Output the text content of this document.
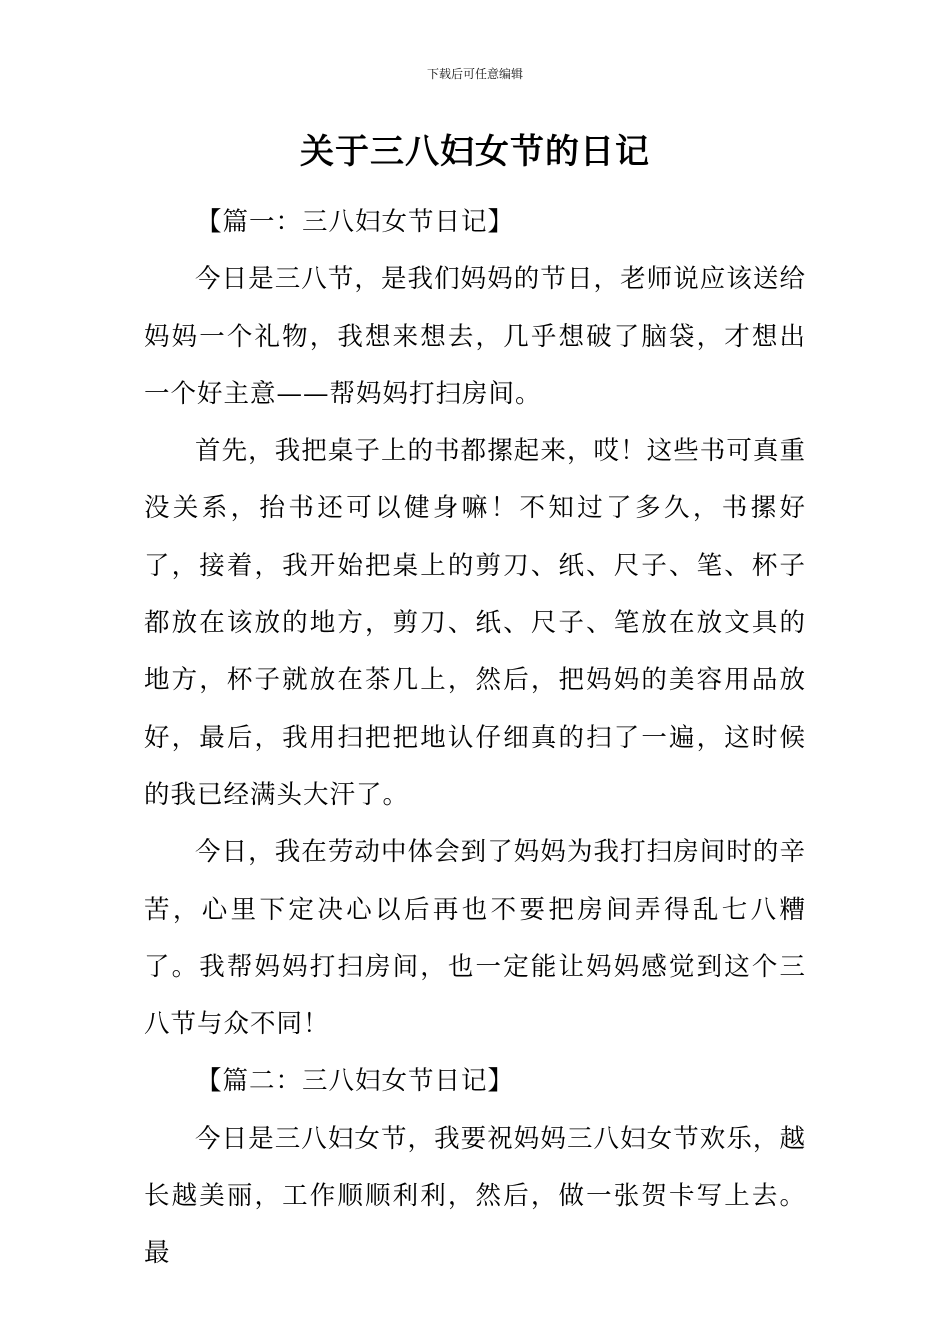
下载后可任意编辑
关于三八妇女节的日记

【篇一：三八妇女节日记】

今日是三八节，是我们妈妈的节日，老师说应该送给妈妈一个礼物，我想来想去，几乎想破了脑袋，才想出一个好主意——帮妈妈打扫房间。

首先，我把桌子上的书都摞起来，哎！这些书可真重没关系，抬书还可以健身嘛！不知过了多久，书摞好了，接着，我开始把桌上的剪刀、纸、尺子、笔、杯子都放在该放的地方，剪刀、纸、尺子、笔放在放文具的地方，杯子就放在茶几上，然后，把妈妈的美容用品放好，最后，我用扫把把地认仔细真的扫了一遍，这时候的我已经满头大汗了。

今日，我在劳动中体会到了妈妈为我打扫房间时的辛苦，心里下定决心以后再也不要把房间弄得乱七八糟了。我帮妈妈打扫房间，也一定能让妈妈感觉到这个三八节与众不同！

【篇二：三八妇女节日记】

今日是三八妇女节，我要祝妈妈三八妇女节欢乐，越长越美丽，工作顺顺利利，然后，做一张贺卡写上去。最
